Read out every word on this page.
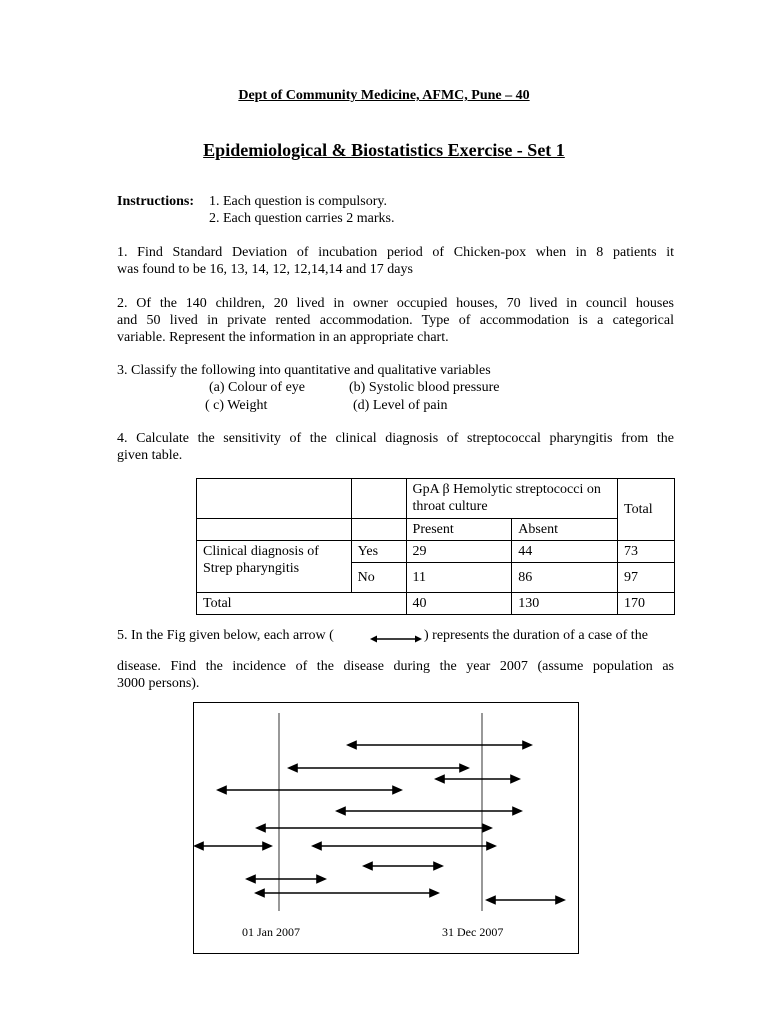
Dept of Community Medicine, AFMC, Pune – 40
Epidemiological & Biostatistics Exercise - Set 1
Instructions: 1. Each question is compulsory.
2. Each question carries 2 marks.
1. Find Standard Deviation of incubation period of Chicken-pox when in 8 patients it
was found to be 16, 13, 14, 12, 12,14,14 and 17 days
2. Of the 140 children, 20 lived in owner occupied houses, 70 lived in council houses
and 50 lived in private rented accommodation. Type of accommodation is a categorical
variable. Represent the information in an appropriate chart.
3. Classify the following into quantitative and qualitative variables
(a) Colour of eye	(b) Systolic blood pressure
( c) Weight	(d) Level of pain
4. Calculate the sensitivity of the clinical diagnosis of streptococcal pharyngitis from the
given table.
		GpA β Hemolytic streptococci on throat culture		Total
		Present	Absent	
Clinical diagnosis of Strep pharyngitis	Yes	29	44	73
	No	11	86	97
Total		40	130	170
5. In the Fig given below, each arrow (	) represents the duration of a case of the
disease. Find the incidence of the disease during the year 2007 (assume population as
3000 persons).
01 Jan 2007	31 Dec 2007
